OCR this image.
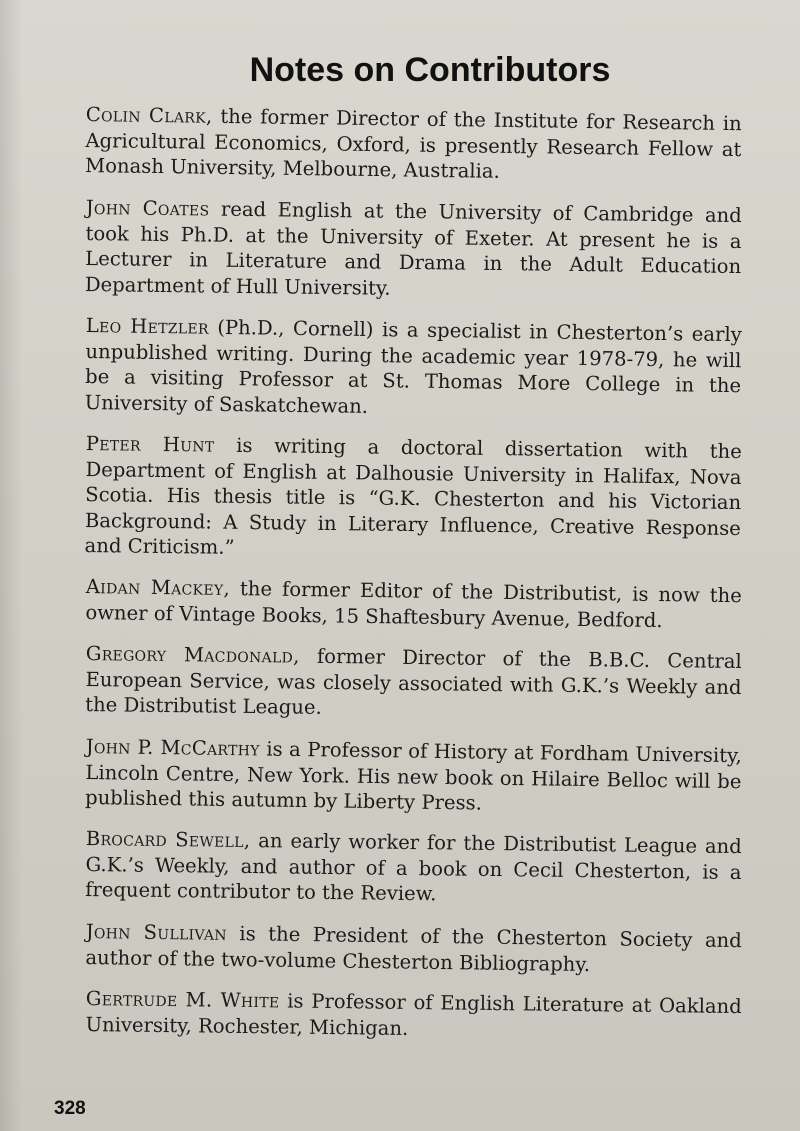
Notes on Contributors

Colin Clark, the former Director of the Institute for Research in Agricultural Economics, Oxford, is presently Research Fellow at Monash University, Melbourne, Australia.

John Coates read English at the University of Cambridge and took his Ph.D. at the University of Exeter. At present he is a Lecturer in Literature and Drama in the Adult Education Department of Hull University.

Leo Hetzler (Ph.D., Cornell) is a specialist in Chesterton’s early unpublished writing. During the academic year 1978-79, he will be a visiting Professor at St. Thomas More College in the University of Saskatchewan.

Peter Hunt is writing a doctoral dissertation with the Department of English at Dalhousie University in Halifax, Nova Scotia. His thesis title is “G.K. Chesterton and his Victorian Background: A Study in Literary Influence, Creative Response and Criticism.”

Aidan Mackey, the former Editor of the Distributist, is now the owner of Vintage Books, 15 Shaftesbury Avenue, Bedford.

Gregory Macdonald, former Director of the B.B.C. Central European Service, was closely associated with G.K.’s Weekly and the Distributist League.

John P. McCarthy is a Professor of History at Fordham University, Lincoln Centre, New York. His new book on Hilaire Belloc will be published this autumn by Liberty Press.

Brocard Sewell, an early worker for the Distributist League and G.K.’s Weekly, and author of a book on Cecil Chesterton, is a frequent contributor to the Review.

John Sullivan is the President of the Chesterton Society and author of the two-volume Chesterton Bibliography.

Gertrude M. White is Professor of English Literature at Oakland University, Rochester, Michigan.

328
